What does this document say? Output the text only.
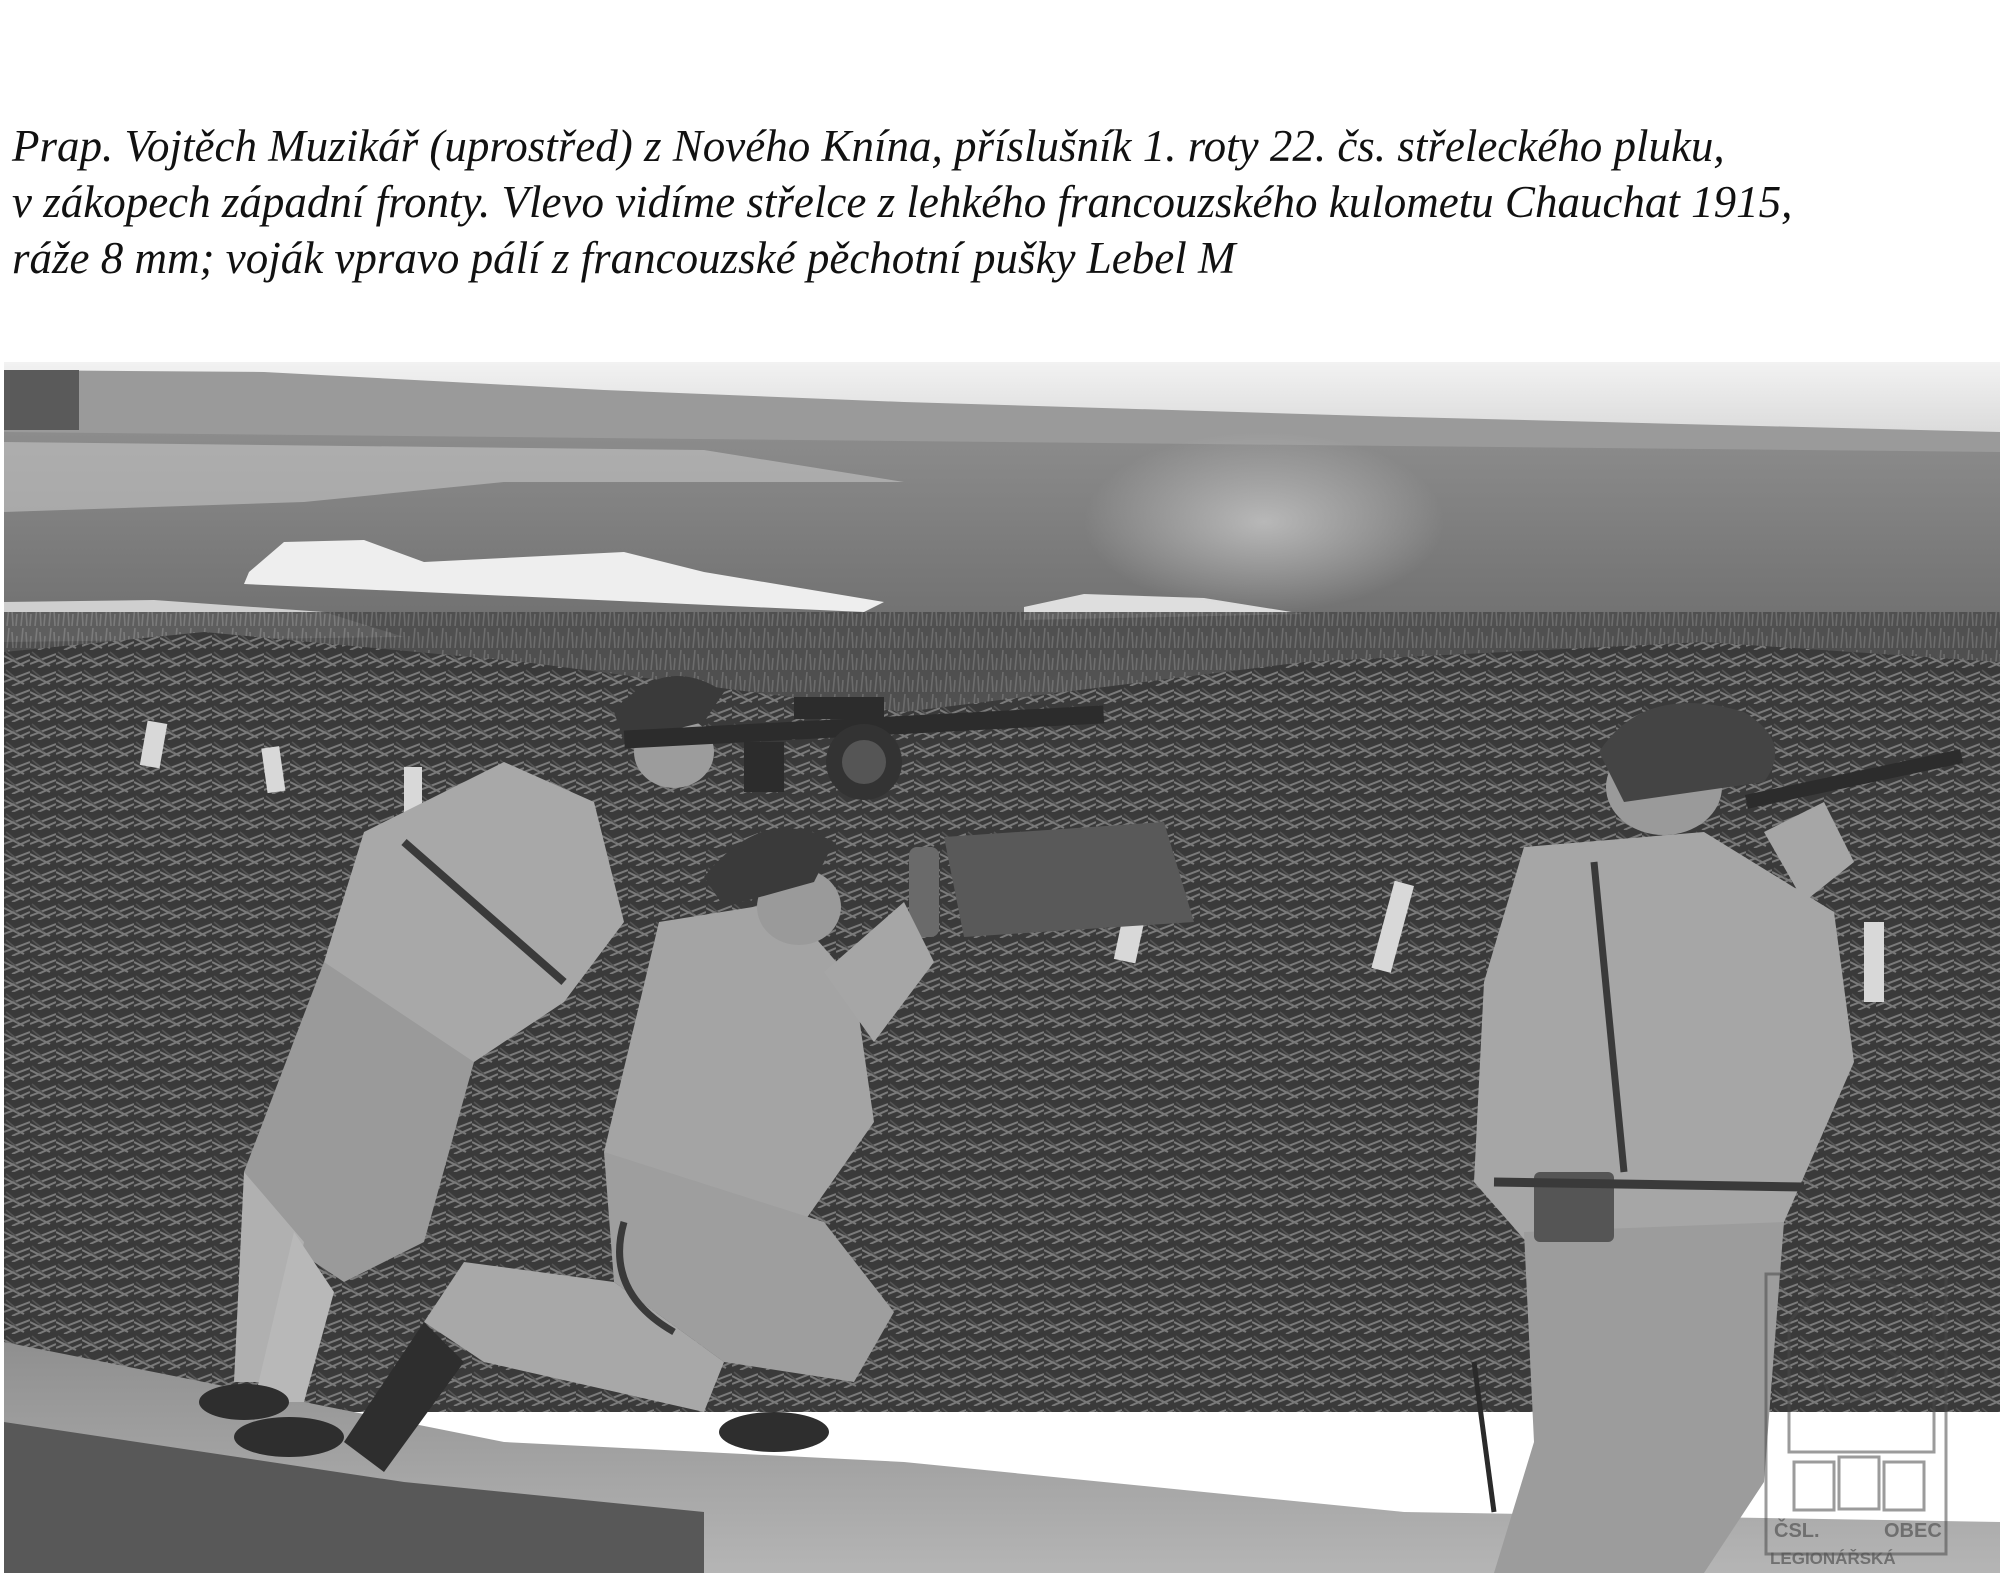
Prap. Vojtěch Muzikář (uprostřed) z Nového Knína, příslušník 1. roty 22. čs. střeleckého pluku,
v zákopech západní fronty. Vlevo vidíme střelce z lehkého francouzského kulometu Chauchat 1915,
ráže 8 mm; voják vpravo pálí z francouzské pěchotní pušky Lebel M
ČSL.	OBEC
LEGIONÁŘSKÁ
